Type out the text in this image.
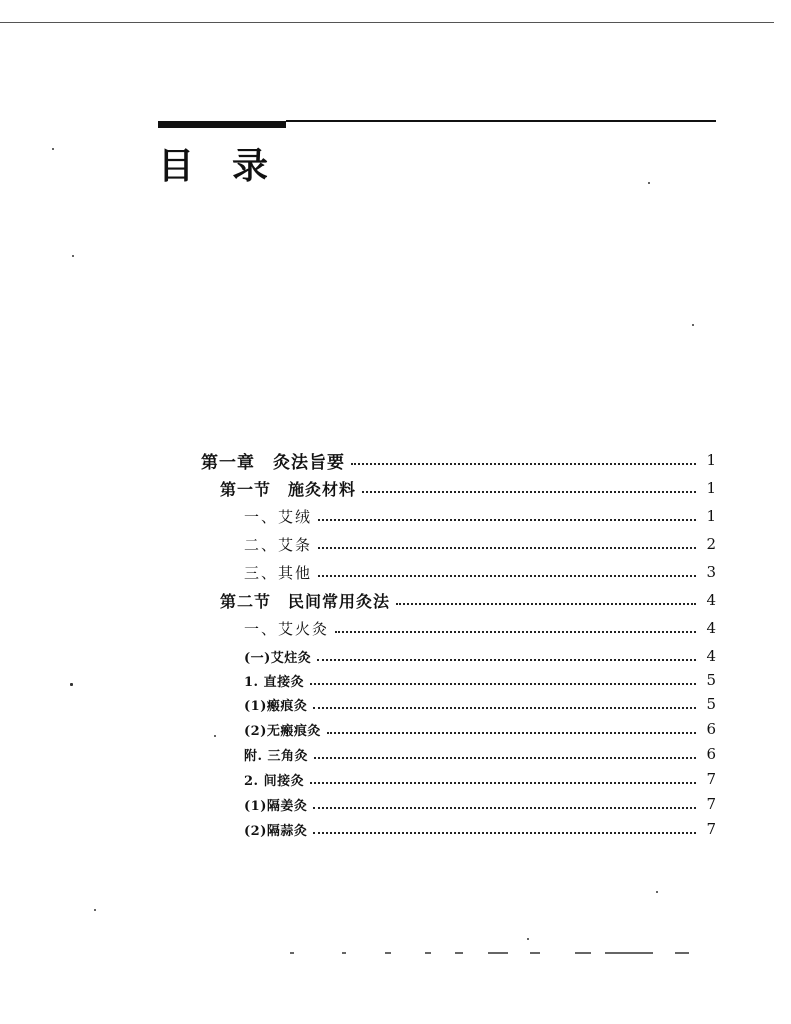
目录
第一章　灸法旨要	1
第一节　施灸材料	1
一、艾绒	1
二、艾条	2
三、其他	3
第二节　民间常用灸法	4
一、艾火灸	4
(一)艾炷灸	4
1. 直接灸	5
(1)瘢痕灸	5
(2)无瘢痕灸	6
附. 三角灸	6
2. 间接灸	7
(1)隔姜灸	7
(2)隔蒜灸	7
